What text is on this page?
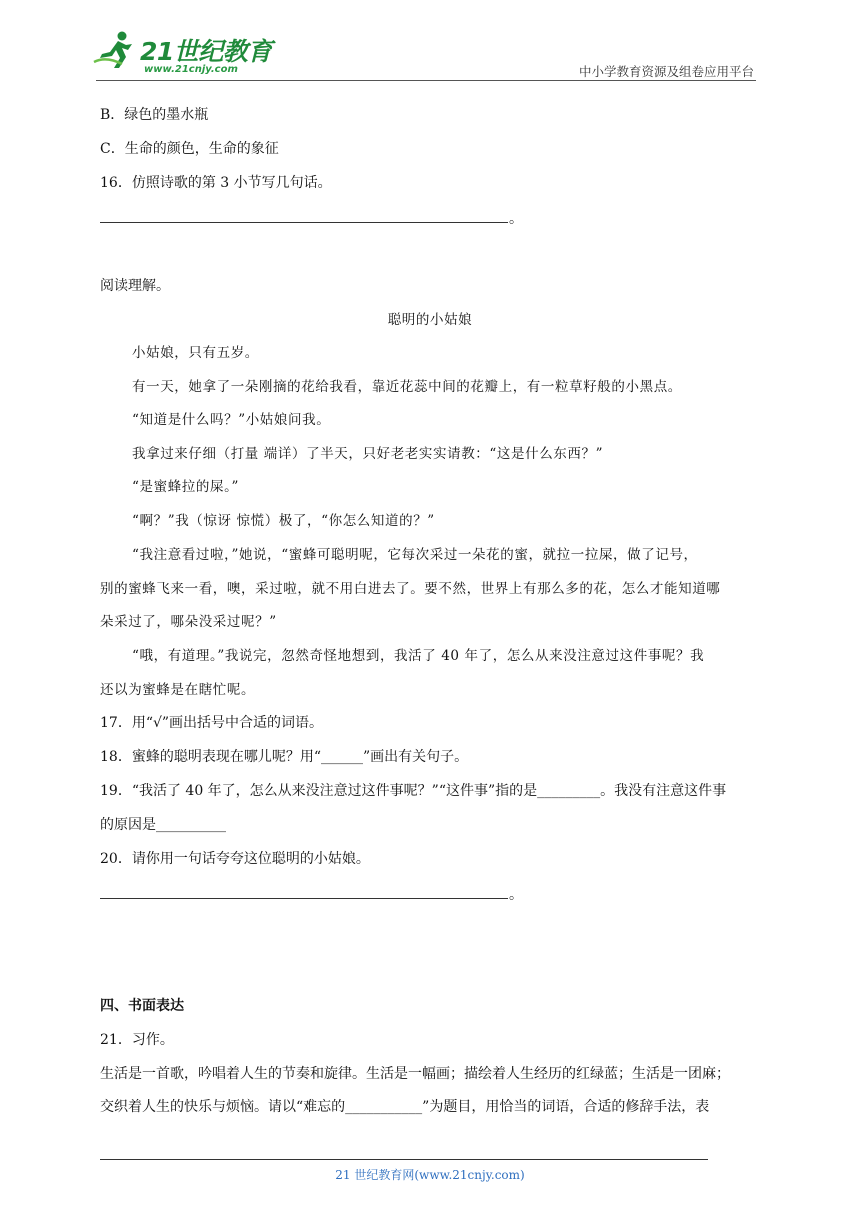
21世纪教育
www.21cnjy.com	中小学教育资源及组卷应用平台
B．绿色的墨水瓶
C．生命的颜色，生命的象征
16．仿照诗歌的第 3 小节写几句话。
。
阅读理解。
聪明的小姑娘
小姑娘，只有五岁。
有一天，她拿了一朵刚摘的花给我看，靠近花蕊中间的花瓣上，有一粒草籽般的小黑点。
“知道是什么吗？”小姑娘问我。
我拿过来仔细（打量 端详）了半天，只好老老实实请教：“这是什么东西？”
“是蜜蜂拉的屎。”
“啊？”我（惊讶 惊慌）极了，“你怎么知道的？”
“我注意看过啦，”她说，“蜜蜂可聪明呢，它每次采过一朵花的蜜，就拉一拉屎，做了记号，
别的蜜蜂飞来一看，噢，采过啦，就不用白进去了。要不然，世界上有那么多的花，怎么才能知道哪
朵采过了，哪朵没采过呢？”
“哦，有道理。”我说完，忽然奇怪地想到，我活了 40 年了，怎么从来没注意过这件事呢？我
还以为蜜蜂是在瞎忙呢。
17．用“√”画出括号中合适的词语。
18．蜜蜂的聪明表现在哪儿呢？用“______”画出有关句子。
19．“我活了 40 年了，怎么从来没注意过这件事呢？”“这件事”指的是_________。我没有注意这件事
的原因是__________
20．请你用一句话夸夸这位聪明的小姑娘。
。
四、书面表达
21．习作。
生活是一首歌，吟唱着人生的节奏和旋律。生活是一幅画；描绘着人生经历的红绿蓝；生活是一团麻；
交织着人生的快乐与烦恼。请以“难忘的___________”为题目，用恰当的词语，合适的修辞手法，表
21 世纪教育网(www.21cnjy.com)
